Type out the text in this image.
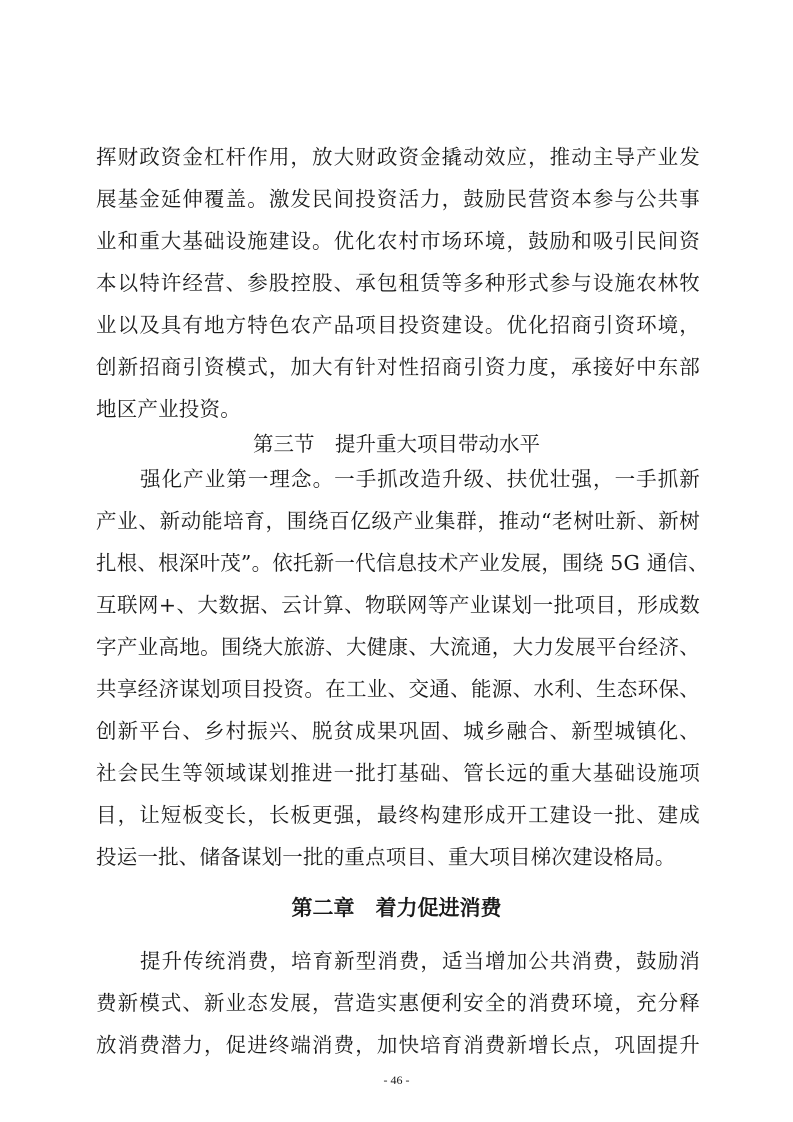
挥财政资金杠杆作用，放大财政资金撬动效应，推动主导产业发
展基金延伸覆盖。激发民间投资活力，鼓励民营资本参与公共事
业和重大基础设施建设。优化农村市场环境，鼓励和吸引民间资
本以特许经营、参股控股、承包租赁等多种形式参与设施农林牧
业以及具有地方特色农产品项目投资建设。优化招商引资环境，
创新招商引资模式，加大有针对性招商引资力度，承接好中东部
地区产业投资。
第三节　提升重大项目带动水平
强化产业第一理念。一手抓改造升级、扶优壮强，一手抓新
产业、新动能培育，围绕百亿级产业集群，推动“老树吐新、新树
扎根、根深叶茂”。依托新一代信息技术产业发展，围绕 5G 通信、
互联网+、大数据、云计算、物联网等产业谋划一批项目，形成数
字产业高地。围绕大旅游、大健康、大流通，大力发展平台经济、
共享经济谋划项目投资。在工业、交通、能源、水利、生态环保、
创新平台、乡村振兴、脱贫成果巩固、城乡融合、新型城镇化、
社会民生等领域谋划推进一批打基础、管长远的重大基础设施项
目，让短板变长，长板更强，最终构建形成开工建设一批、建成
投运一批、储备谋划一批的重点项目、重大项目梯次建设格局。
第二章　着力促进消费
提升传统消费，培育新型消费，适当增加公共消费，鼓励消
费新模式、新业态发展，营造实惠便利安全的消费环境，充分释
放消费潜力，促进终端消费，加快培育消费新增长点，巩固提升
- 46 -
